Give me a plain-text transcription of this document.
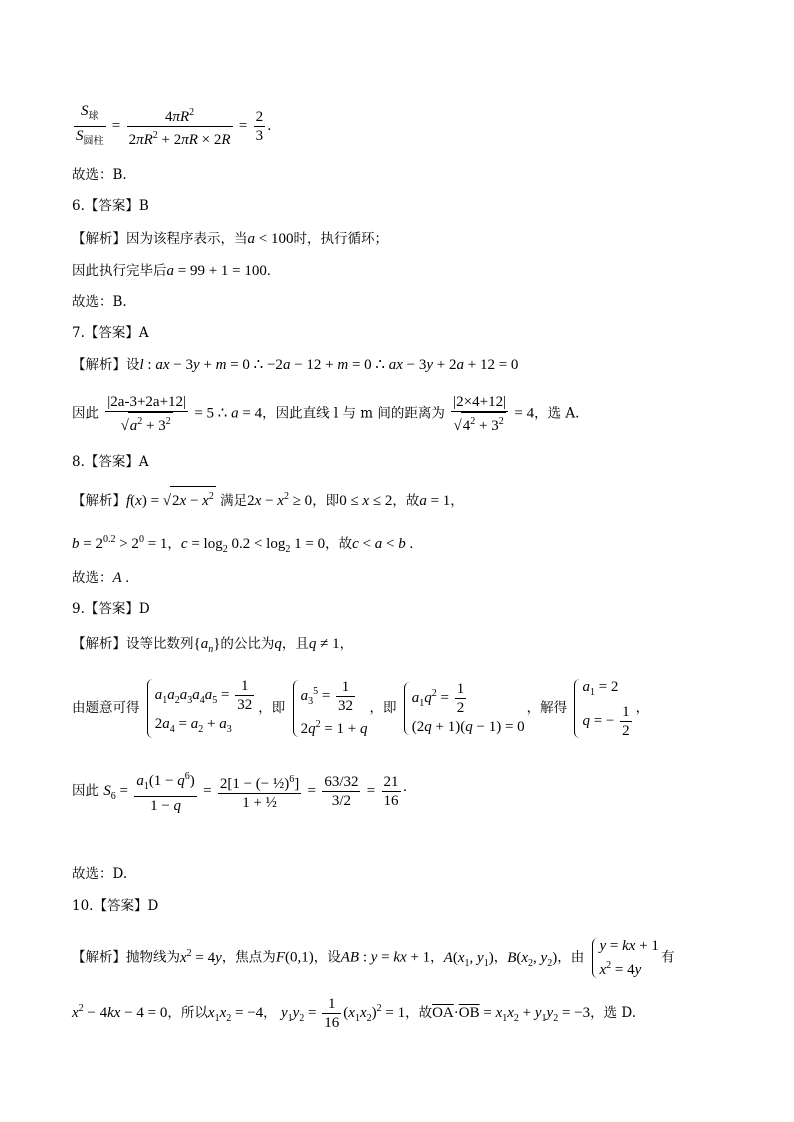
$\frac{S_球}{S_{圆柱}} = \frac{4\pi R^2}{2\pi R^2 + 2\pi R \times 2R} = \frac{2}{3}$ .
故选：B.
6.【答案】B
【解析】因为该程序表示，当a < 100时，执行循环；
因此执行完毕后a = 99 + 1 = 100.
故选：B.
7.【答案】A
【解析】设l : ax − 3y + m = 0 ∴ −2a − 12 + m = 0 ∴ ax − 3y + 2a + 12 = 0
因此 $\frac{|2a-3+2a+12|}{√a^2 + 3^2} = 5$ ∴ a = 4，因此直线 l 与 m 间的距离为 $\frac{|2\times 4+12|}{√4^2 + 3^2} = 4$，选 A.
8.【答案】A
【解析】$f(x) = √2x - x^2$ 满足$2x - x^2 \ge 0$，即0 ≤ x ≤ 2，故a = 1，
$b = 2^{0.2} > 2^0 = 1$，$c = \log_2 0.2 < \log_2 1 = 0$，故c < a < b .
故选：A .
9.【答案】D
【解析】设等比数列$\{a_n\}$的公比为q，且q ≠ 1，
由题意可得
$a_1a_2a_3a_4a_5 = \frac{1}{32}$
$2a_4 = a_2 + a_3$
，即
$a_3^5 = \frac{1}{32}$
$2q^2 = 1 + q$
，即
$a_1q^2 = \frac{1}{2}$
(2q + 1)(q − 1) = 0
，解得
$a_1 = 2$
q = − $\frac{1}{2}$ ，
因此 $S_6 = \frac{a_1(1 - q^6)}{1 - q} = \frac{2[1 - (- \frac{1}{2})^6]}{\text{1 + ½}} = \frac{63/32}{3/2} = \frac{21}{16}$ ·
故选：D.
10.【答案】D
【解析】抛物线为$x^2 = 4y$，焦点为F(0,1)，设AB : y = kx + 1，$A(x_1$, $y_1$)，$B(x_2$, $y_2$)，由
y = kx + 1
$x^2 = 4y$
有
$x^2 - 4kx - 4 = 0$，所以$x_1x_2 = -4$， $y_1y_2 = \frac{1}{16} (x_1x_2)^2 = 1$，故$\overline{OA}\cdot\overline{OB} = x_1x_2 + y_1y_2 = -3$，选 D.
